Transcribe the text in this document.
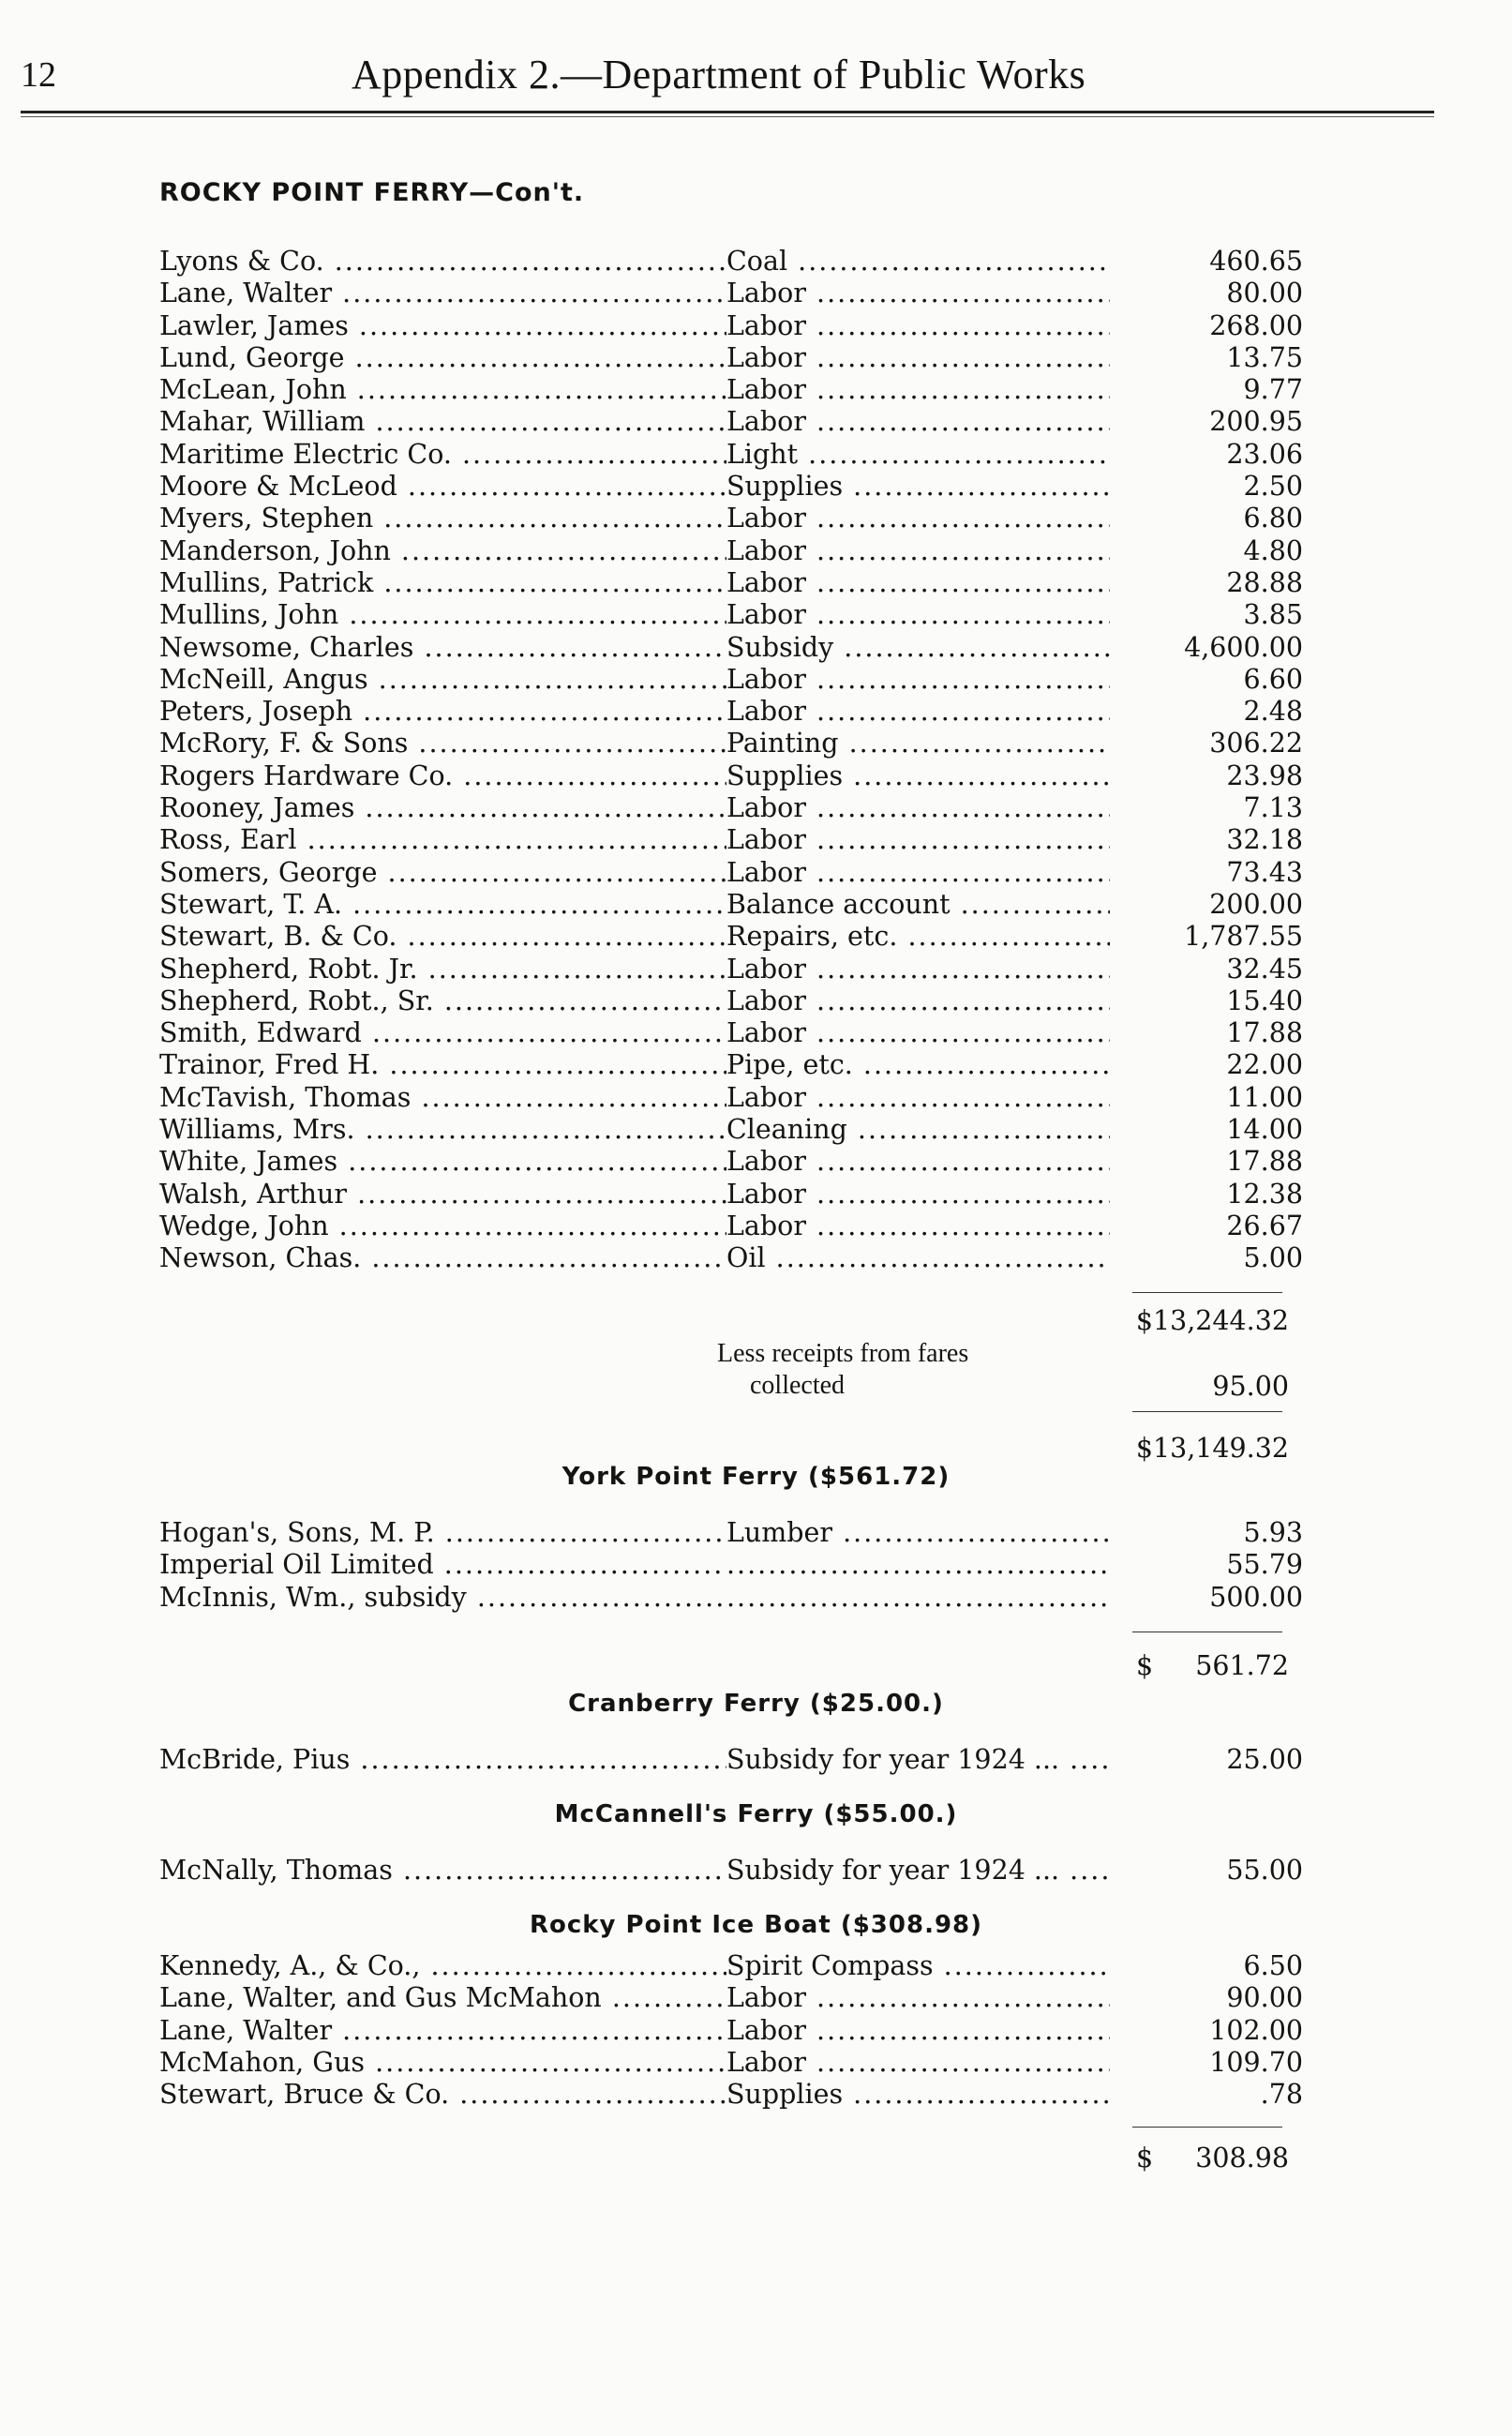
12	Appendix 2.—Department of Public Works
ROCKY POINT FERRY—Con't.
Lyons & Co. .....	Coal .....	460.65
Lane, Walter .....	Labor .....	80.00
Lawler, James .....	Labor .....	268.00
Lund, George .....	Labor .....	13.75
McLean, John .....	Labor .....	9.77
Mahar, William .....	Labor .....	200.95
Maritime Electric Co. .....	Light .....	23.06
Moore & McLeod .....	Supplies .....	2.50
Myers, Stephen .....	Labor .....	6.80
Manderson, John .....	Labor .....	4.80
Mullins, Patrick .....	Labor .....	28.88
Mullins, John .....	Labor .....	3.85
Newsome, Charles .....	Subsidy .....	4,600.00
McNeill, Angus .....	Labor .....	6.60
Peters, Joseph .....	Labor .....	2.48
McRory, F. & Sons .....	Painting .....	306.22
Rogers Hardware Co. .....	Supplies .....	23.98
Rooney, James .....	Labor .....	7.13
Ross, Earl .....	Labor .....	32.18
Somers, George .....	Labor .....	73.43
Stewart, T. A. .....	Balance account .....	200.00
Stewart, B. & Co. .....	Repairs, etc. .....	1,787.55
Shepherd, Robt. Jr. .....	Labor .....	32.45
Shepherd, Robt., Sr. .....	Labor .....	15.40
Smith, Edward .....	Labor .....	17.88
Trainor, Fred H. .....	Pipe, etc. .....	22.00
McTavish, Thomas .....	Labor .....	11.00
Williams, Mrs. .....	Cleaning .....	14.00
White, James .....	Labor .....	17.88
Walsh, Arthur .....	Labor .....	12.38
Wedge, John .....	Labor .....	26.67
Newson, Chas. .....	Oil .....	5.00
$13,244.32
Less receipts from fares
collected	95.00
$13,149.32
York Point Ferry ($561.72)
Hogan's, Sons, M. P. .....	Lumber .....	5.93
Imperial Oil Limited ..... .....	55.79
McInnis, Wm., subsidy ..... .....	500.00
$ 561.72
Cranberry Ferry ($25.00.)
McBride, Pius .....	Subsidy for year 1924 ... .....	25.00
McCannell's Ferry ($55.00.)
McNally, Thomas .....	Subsidy for year 1924 ... .....	55.00
Rocky Point Ice Boat ($308.98)
Kennedy, A., & Co., .....	Spirit Compass .....	6.50
Lane, Walter, and Gus McMahon .....	Labor .....	90.00
Lane, Walter .....	Labor .....	102.00
McMahon, Gus .....	Labor .....	109.70
Stewart, Bruce & Co. .....	Supplies .....	.78
$ 308.98
